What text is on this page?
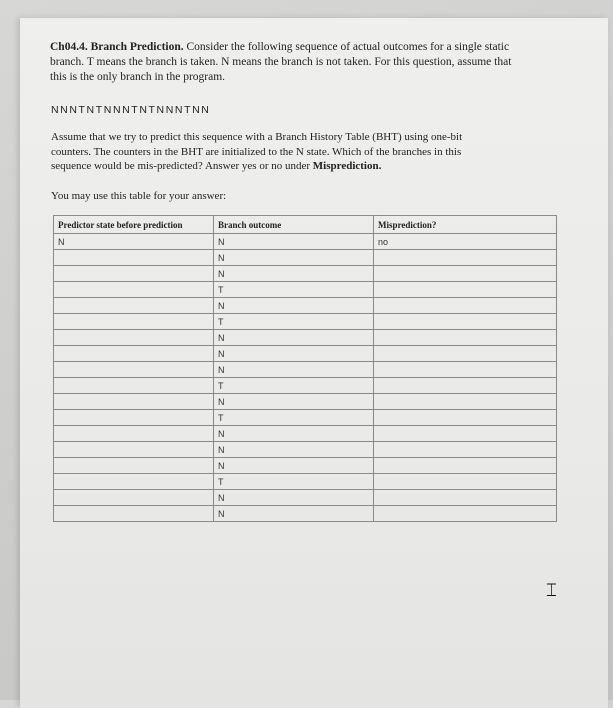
Ch04.4. Branch Prediction. Consider the following sequence of actual outcomes for a single static branch. T means the branch is taken. N means the branch is not taken. For this question, assume that this is the only branch in the program.
NNNTNTNNNTNTNNNTNN
Assume that we try to predict this sequence with a Branch History Table (BHT) using one-bit counters. The counters in the BHT are initialized to the N state. Which of the branches in this sequence would be mis-predicted? Answer yes or no under Misprediction.
You may use this table for your answer:
Predictor state before prediction	Branch outcome	Misprediction?
N	N	no
	N	
	N	
	T	
	N	
	T	
	N	
	N	
	N	
	T	
	N	
	T	
	N	
	N	
	N	
	T	
	N	
	N	
⌶
